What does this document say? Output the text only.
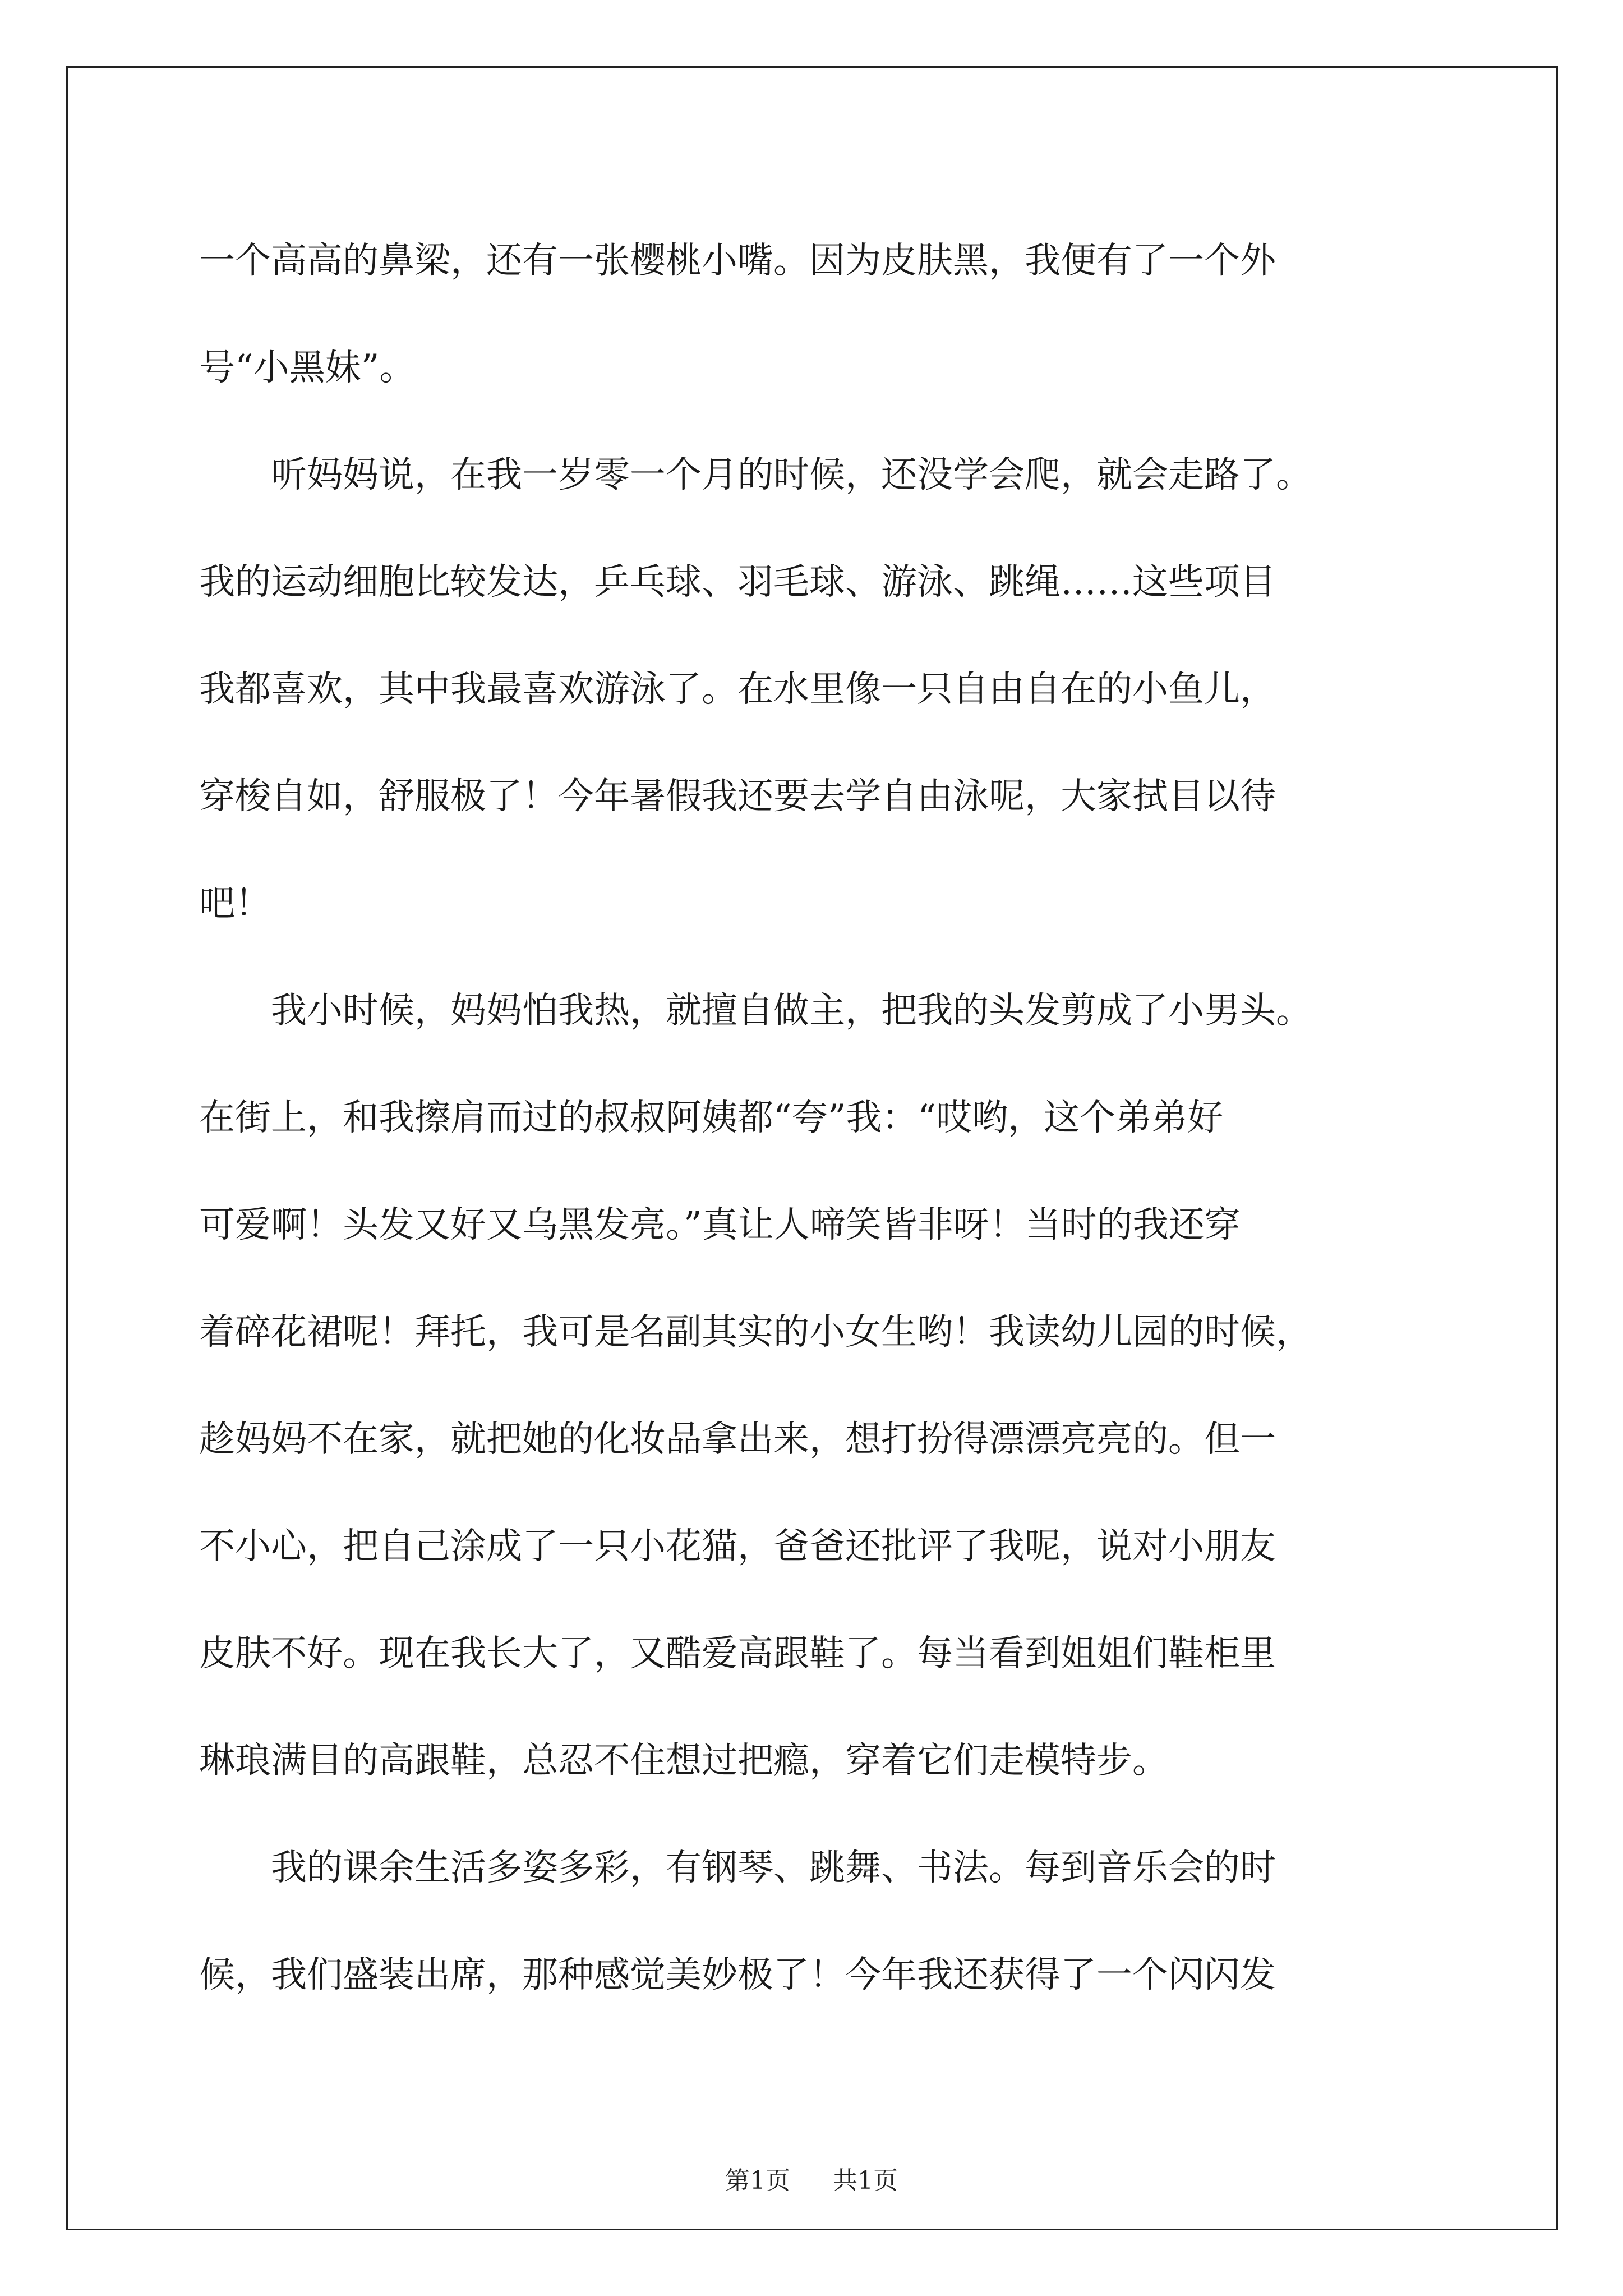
一个高高的鼻梁，还有一张樱桃小嘴。因为皮肤黑，我便有了一个外
号“小黑妹”。
　　听妈妈说，在我一岁零一个月的时候，还没学会爬，就会走路了。
我的运动细胞比较发达，乒乓球、羽毛球、游泳、跳绳……这些项目
我都喜欢，其中我最喜欢游泳了。在水里像一只自由自在的小鱼儿，
穿梭自如，舒服极了！今年暑假我还要去学自由泳呢，大家拭目以待
吧！
　　我小时候，妈妈怕我热，就擅自做主，把我的头发剪成了小男头。
在街上，和我擦肩而过的叔叔阿姨都“夸”我：“哎哟，这个弟弟好
可爱啊！头发又好又乌黑发亮。”真让人啼笑皆非呀！当时的我还穿
着碎花裙呢！拜托，我可是名副其实的小女生哟！我读幼儿园的时候，
趁妈妈不在家，就把她的化妆品拿出来，想打扮得漂漂亮亮的。但一
不小心，把自己涂成了一只小花猫，爸爸还批评了我呢，说对小朋友
皮肤不好。现在我长大了，又酷爱高跟鞋了。每当看到姐姐们鞋柜里
琳琅满目的高跟鞋，总忍不住想过把瘾，穿着它们走模特步。
　　我的课余生活多姿多彩，有钢琴、跳舞、书法。每到音乐会的时
候，我们盛装出席，那种感觉美妙极了！今年我还获得了一个闪闪发
第1页 共1页
